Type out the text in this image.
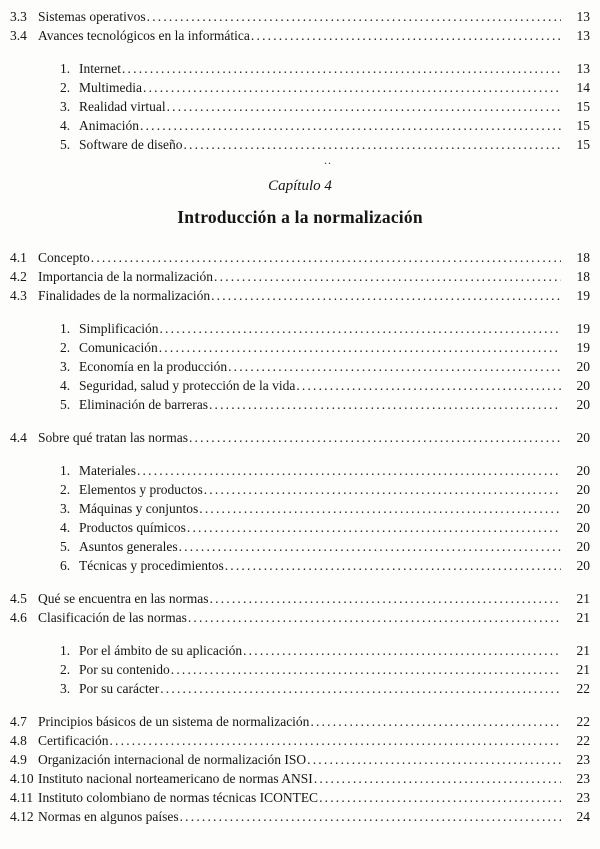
3.3 Sistemas operativos .....	13
3.4 Avances tecnológicos en la informática .....	13
1. Internet .....	13
2. Multimedia .....	14
3. Realidad virtual .....	15
4. Animación .....	15
5. Software de diseño .....	15
..
Capítulo 4
Introducción a la normalización
4.1 Concepto .....	18
4.2 Importancia de la normalización .....	18
4.3 Finalidades de la normalización .....	19
1. Simplificación .....	19
2. Comunicación .....	19
3. Economía en la producción .....	20
4. Seguridad, salud y protección de la vida .....	20
5. Eliminación de barreras .....	20
4.4 Sobre qué tratan las normas .....	20
1. Materiales .....	20
2. Elementos y productos .....	20
3. Máquinas y conjuntos .....	20
4. Productos químicos .....	20
5. Asuntos generales .....	20
6. Técnicas y procedimientos .....	20
4.5 Qué se encuentra en las normas .....	21
4.6 Clasificación de las normas .....	21
1. Por el ámbito de su aplicación .....	21
2. Por su contenido .....	21
3. Por su carácter .....	22
4.7 Principios básicos de un sistema de normalización .....	22
4.8 Certificación .....	22
4.9 Organización internacional de normalización ISO .....	23
4.10 Instituto nacional norteamericano de normas ANSI .....	23
4.11 Instituto colombiano de normas técnicas ICONTEC .....	23
4.12 Normas en algunos países .....	24
